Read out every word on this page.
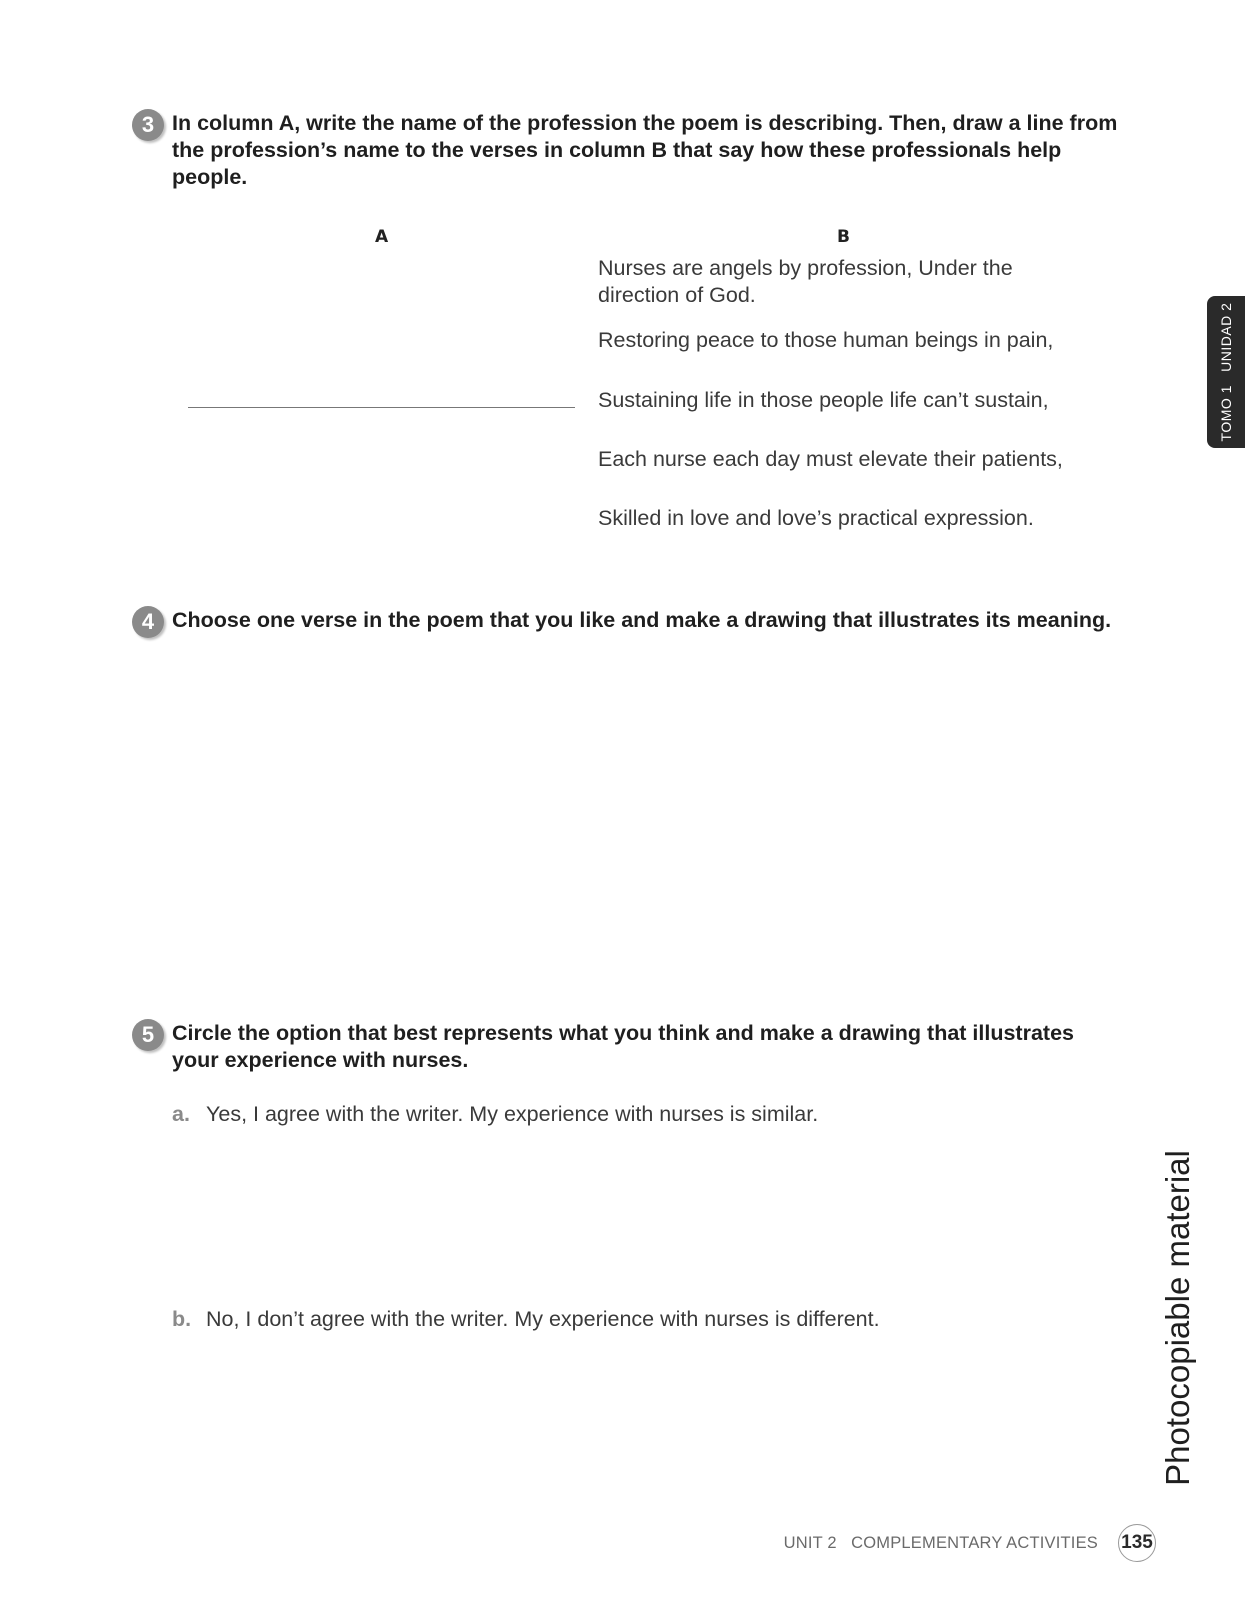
3 In column A, write the name of the profession the poem is describing. Then, draw a line from the profession’s name to the verses in column B that say how these professionals help people.
A	B
Nurses are angels by profession, Under the direction of God.
Restoring peace to those human beings in pain,
Sustaining life in those people life can’t sustain,
Each nurse each day must elevate their patients,
Skilled in love and love’s practical expression.
4 Choose one verse in the poem that you like and make a drawing that illustrates its meaning.
5 Circle the option that best represents what you think and make a drawing that illustrates your experience with nurses.
a. Yes, I agree with the writer. My experience with nurses is similar.
b. No, I don’t agree with the writer. My experience with nurses is different.
TOMO 1   UNIDAD 2
Photocopiable material
UNIT 2   COMPLEMENTARY ACTIVITIES 135
